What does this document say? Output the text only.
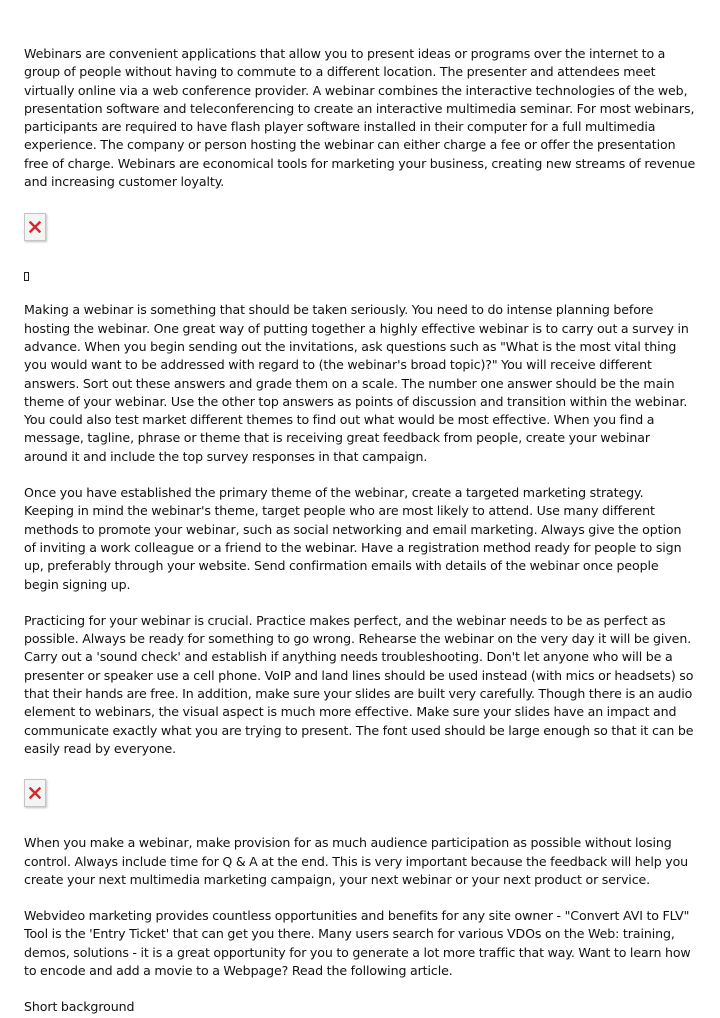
Webinars are convenient applications that allow you to present ideas or programs over the internet to a group of people without having to commute to a different location. The presenter and attendees meet virtually online via a web conference provider. A webinar combines the interactive technologies of the web, presentation software and teleconferencing to create an interactive multimedia seminar. For most webinars, participants are required to have flash player software installed in their computer for a full multimedia experience. The company or person hosting the webinar can either charge a fee or offer the presentation free of charge. Webinars are economical tools for marketing your business, creating new streams of revenue and increasing customer loyalty.

Making a webinar is something that should be taken seriously. You need to do intense planning before hosting the webinar. One great way of putting together a highly effective webinar is to carry out a survey in advance. When you begin sending out the invitations, ask questions such as "What is the most vital thing you would want to be addressed with regard to (the webinar's broad topic)?" You will receive different answers. Sort out these answers and grade them on a scale. The number one answer should be the main theme of your webinar. Use the other top answers as points of discussion and transition within the webinar. You could also test market different themes to find out what would be most effective. When you find a message, tagline, phrase or theme that is receiving great feedback from people, create your webinar around it and include the top survey responses in that campaign.

Once you have established the primary theme of the webinar, create a targeted marketing strategy. Keeping in mind the webinar's theme, target people who are most likely to attend. Use many different methods to promote your webinar, such as social networking and email marketing. Always give the option of inviting a work colleague or a friend to the webinar. Have a registration method ready for people to sign up, preferably through your website. Send confirmation emails with details of the webinar once people begin signing up.

Practicing for your webinar is crucial. Practice makes perfect, and the webinar needs to be as perfect as possible. Always be ready for something to go wrong. Rehearse the webinar on the very day it will be given. Carry out a 'sound check' and establish if anything needs troubleshooting. Don't let anyone who will be a presenter or speaker use a cell phone. VoIP and land lines should be used instead (with mics or headsets) so that their hands are free. In addition, make sure your slides are built very carefully. Though there is an audio element to webinars, the visual aspect is much more effective. Make sure your slides have an impact and communicate exactly what you are trying to present. The font used should be large enough so that it can be easily read by everyone.

When you make a webinar, make provision for as much audience participation as possible without losing control. Always include time for Q & A at the end. This is very important because the feedback will help you create your next multimedia marketing campaign, your next webinar or your next product or service.

Webvideo marketing provides countless opportunities and benefits for any site owner - "Convert AVI to FLV" Tool is the 'Entry Ticket' that can get you there. Many users search for various VDOs on the Web: training, demos, solutions - it is a great opportunity for you to generate a lot more traffic that way. Want to learn how to encode and add a movie to a Webpage? Read the following article.

Short background
